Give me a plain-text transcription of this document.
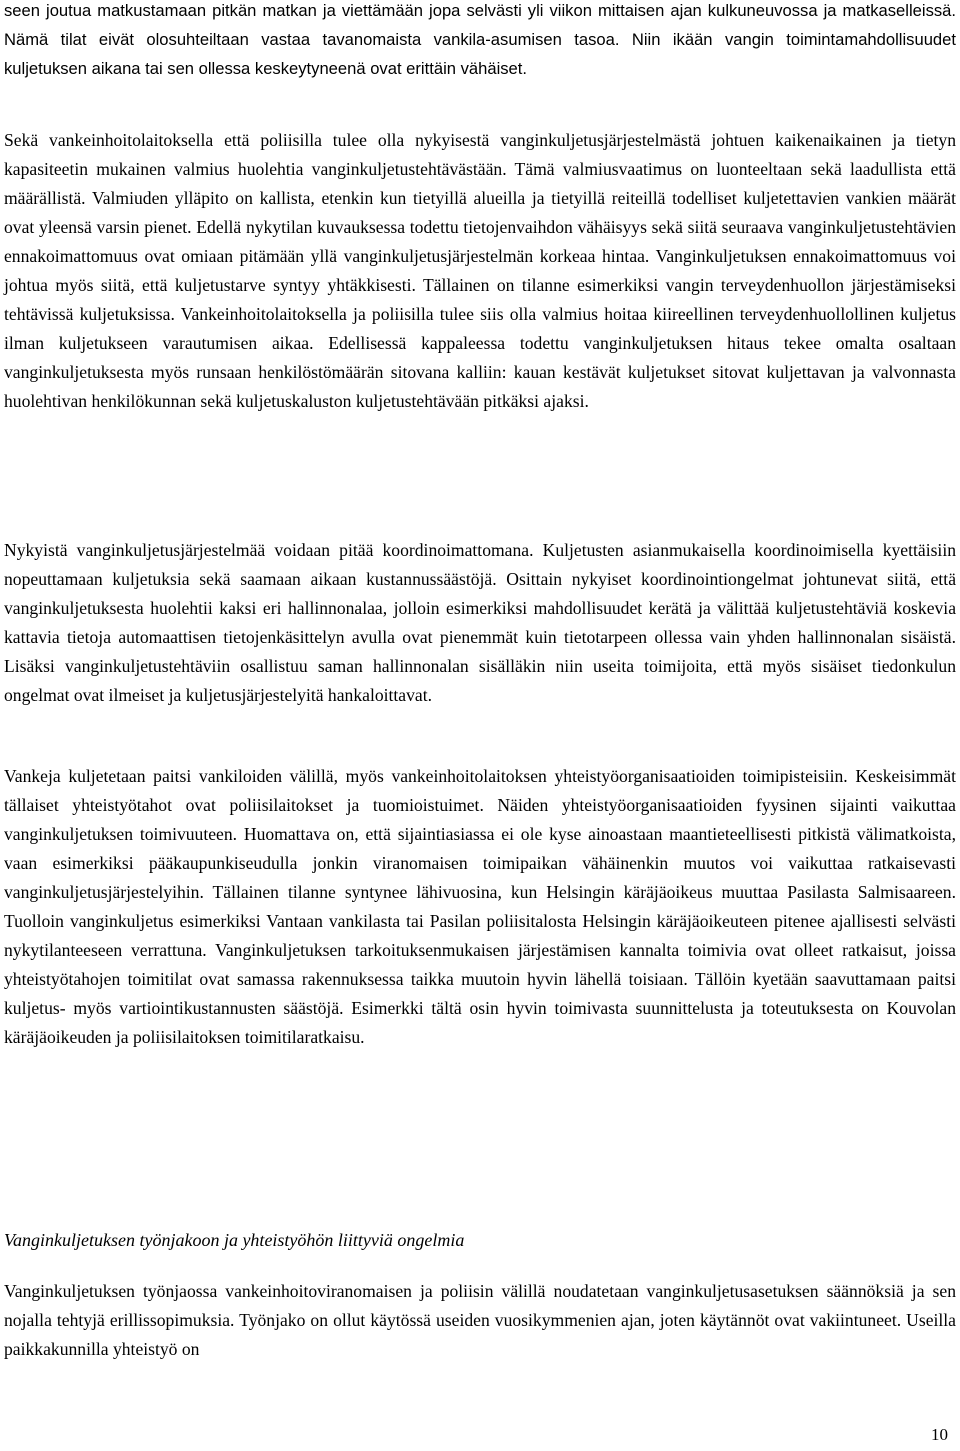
seen joutua matkustamaan pitkän matkan ja viettämään jopa selvästi yli viikon mittaisen ajan kulkuneuvossa ja matkaselleissä. Nämä tilat eivät olosuhteiltaan vastaa tavanomaista vankila-asumisen tasoa. Niin ikään vangin toimintamahdollisuudet kuljetuksen aikana tai sen ollessa keskeytyneenä ovat erittäin vähäiset.

Sekä vankeinhoitolaitoksella että poliisilla tulee olla nykyisestä vanginkuljetusjärjestelmästä johtuen kaikenaikainen ja tietyn kapasiteetin mukainen valmius huolehtia vanginkuljetustehtävästään. Tämä valmiusvaatimus on luonteeltaan sekä laadullista että määrällistä. Valmiuden ylläpito on kallista, etenkin kun tietyillä alueilla ja tietyillä reiteillä todelliset kuljetettavien vankien määrät ovat yleensä varsin pienet. Edellä nykytilan kuvauksessa todettu tietojenvaihdon vähäisyys sekä siitä seuraava vanginkuljetustehtävien ennakoimattomuus ovat omiaan pitämään yllä vanginkuljetusjärjestelmän korkeaa hintaa. Vanginkuljetuksen ennakoimattomuus voi johtua myös siitä, että kuljetustarve syntyy yhtäkkisesti. Tällainen on tilanne esimerkiksi vangin terveydenhuollon järjestämiseksi tehtävissä kuljetuksissa. Vankeinhoitolaitoksella ja poliisilla tulee siis olla valmius hoitaa kiireellinen terveydenhuollollinen kuljetus ilman kuljetukseen varautumisen aikaa. Edellisessä kappaleessa todettu vanginkuljetuksen hitaus tekee omalta osaltaan vanginkuljetuksesta myös runsaan henkilöstömäärän sitovana kalliin: kauan kestävät kuljetukset sitovat kuljettavan ja valvonnasta huolehtivan henkilökunnan sekä kuljetuskaluston kuljetustehtävään pitkäksi ajaksi.

Nykyistä vanginkuljetusjärjestelmää voidaan pitää koordinoimattomana. Kuljetusten asianmukaisella koordinoimisella kyettäisiin nopeuttamaan kuljetuksia sekä saamaan aikaan kustannussäästöjä. Osittain nykyiset koordinointiongelmat johtunevat siitä, että vanginkuljetuksesta huolehtii kaksi eri hallinnonalaa, jolloin esimerkiksi mahdollisuudet kerätä ja välittää kuljetustehtäviä koskevia kattavia tietoja automaattisen tietojenkäsittelyn avulla ovat pienemmät kuin tietotarpeen ollessa vain yhden hallinnonalan sisäistä. Lisäksi vanginkuljetustehtäviin osallistuu saman hallinnonalan sisälläkin niin useita toimijoita, että myös sisäiset tiedonkulun ongelmat ovat ilmeiset ja kuljetusjärjestelyitä hankaloittavat.

Vankeja kuljetetaan paitsi vankiloiden välillä, myös vankeinhoitolaitoksen yhteistyöorganisaatioiden toimipisteisiin. Keskeisimmät tällaiset yhteistyötahot ovat poliisilaitokset ja tuomioistuimet. Näiden yhteistyöorganisaatioiden fyysinen sijainti vaikuttaa vanginkuljetuksen toimivuuteen. Huomattava on, että sijaintiasiassa ei ole kyse ainoastaan maantieteellisesti pitkistä välimatkoista, vaan esimerkiksi pääkaupunkiseudulla jonkin viranomaisen toimipaikan vähäinenkin muutos voi vaikuttaa ratkaisevasti vanginkuljetusjärjestelyihin. Tällainen tilanne syntynee lähivuosina, kun Helsingin käräjäoikeus muuttaa Pasilasta Salmisaareen. Tuolloin vanginkuljetus esimerkiksi Vantaan vankilasta tai Pasilan poliisitalosta Helsingin käräjäoikeuteen pitenee ajallisesti selvästi nykytilanteeseen verrattuna. Vanginkuljetuksen tarkoituksenmukaisen järjestämisen kannalta toimivia ovat olleet ratkaisut, joissa yhteistyötahojen toimitilat ovat samassa rakennuksessa taikka muutoin hyvin lähellä toisiaan. Tällöin kyetään saavuttamaan paitsi kuljetus- myös vartiointikustannusten säästöjä. Esimerkki tältä osin hyvin toimivasta suunnittelusta ja toteutuksesta on Kouvolan käräjäoikeuden ja poliisilaitoksen toimitilaratkaisu.

Vanginkuljetuksen työnjakoon ja yhteistyöhön liittyviä ongelmia

Vanginkuljetuksen työnjaossa vankeinhoitoviranomaisen ja poliisin välillä noudatetaan vanginkuljetusasetuksen säännöksiä ja sen nojalla tehtyjä erillissopimuksia. Työnjako on ollut käytössä useiden vuosikymmenien ajan, joten käytännöt ovat vakiintuneet. Useilla paikkakunnilla yhteistyö on

10
